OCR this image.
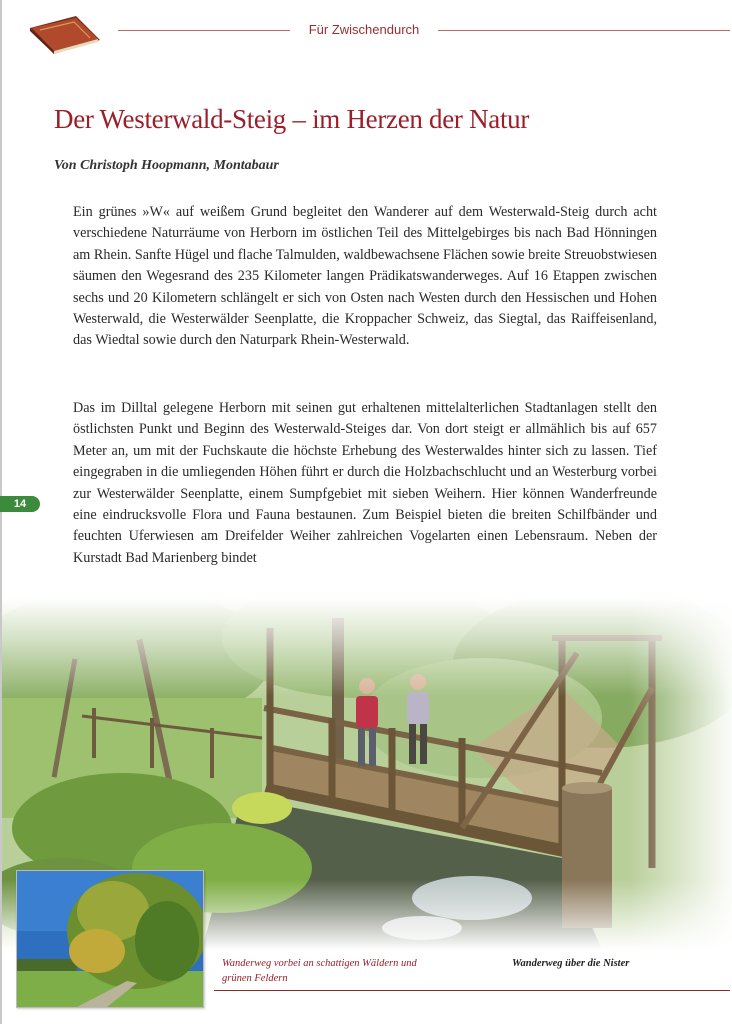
Für Zwischendurch
Der Westerwald-Steig – im Herzen der Natur
Von Christoph Hoopmann, Montabaur

Ein grünes »W« auf weißem Grund begleitet den Wanderer auf dem Westerwald-Steig durch acht verschiedene Naturräume von Herborn im östlichen Teil des Mittelgebirges bis nach Bad Hönningen am Rhein. Sanfte Hügel und flache Talmulden, waldbewachsene Flächen sowie breite Streuobstwiesen säumen den Wegesrand des 235 Kilometer langen Prädikatswanderweges. Auf 16 Etappen zwischen sechs und 20 Kilometern schlängelt er sich von Osten nach Westen durch den Hessischen und Hohen Westerwald, die Westerwälder Seenplatte, die Kroppacher Schweiz, das Siegtal, das Raiffeisenland, das Wiedtal sowie durch den Naturpark Rhein-Westerwald.

Das im Dilltal gelegene Herborn mit seinen gut erhaltenen mittelalterlichen Stadtanlagen stellt den östlichsten Punkt und Beginn des Westerwald-Steiges dar. Von dort steigt er allmählich bis auf 657 Meter an, um mit der Fuchskaute die höchste Erhebung des Westerwaldes hinter sich zu lassen. Tief eingegraben in die umliegenden Höhen führt er durch die Holzbachschlucht und an Westerburg vorbei zur Westerwälder Seenplatte, einem Sumpfgebiet mit sieben Weihern. Hier können Wanderfreunde eine eindrucksvolle Flora und Fauna bestaunen. Zum Beispiel bieten die breiten Schilfbänder und feuchten Uferwiesen am Dreifelder Weiher zahlreichen Vogelarten einen Lebensraum. Neben der Kurstadt Bad Marienberg bindet

14
Wanderweg vorbei an schattigen Wäldern und grünen Feldern
Wanderweg über die Nister
